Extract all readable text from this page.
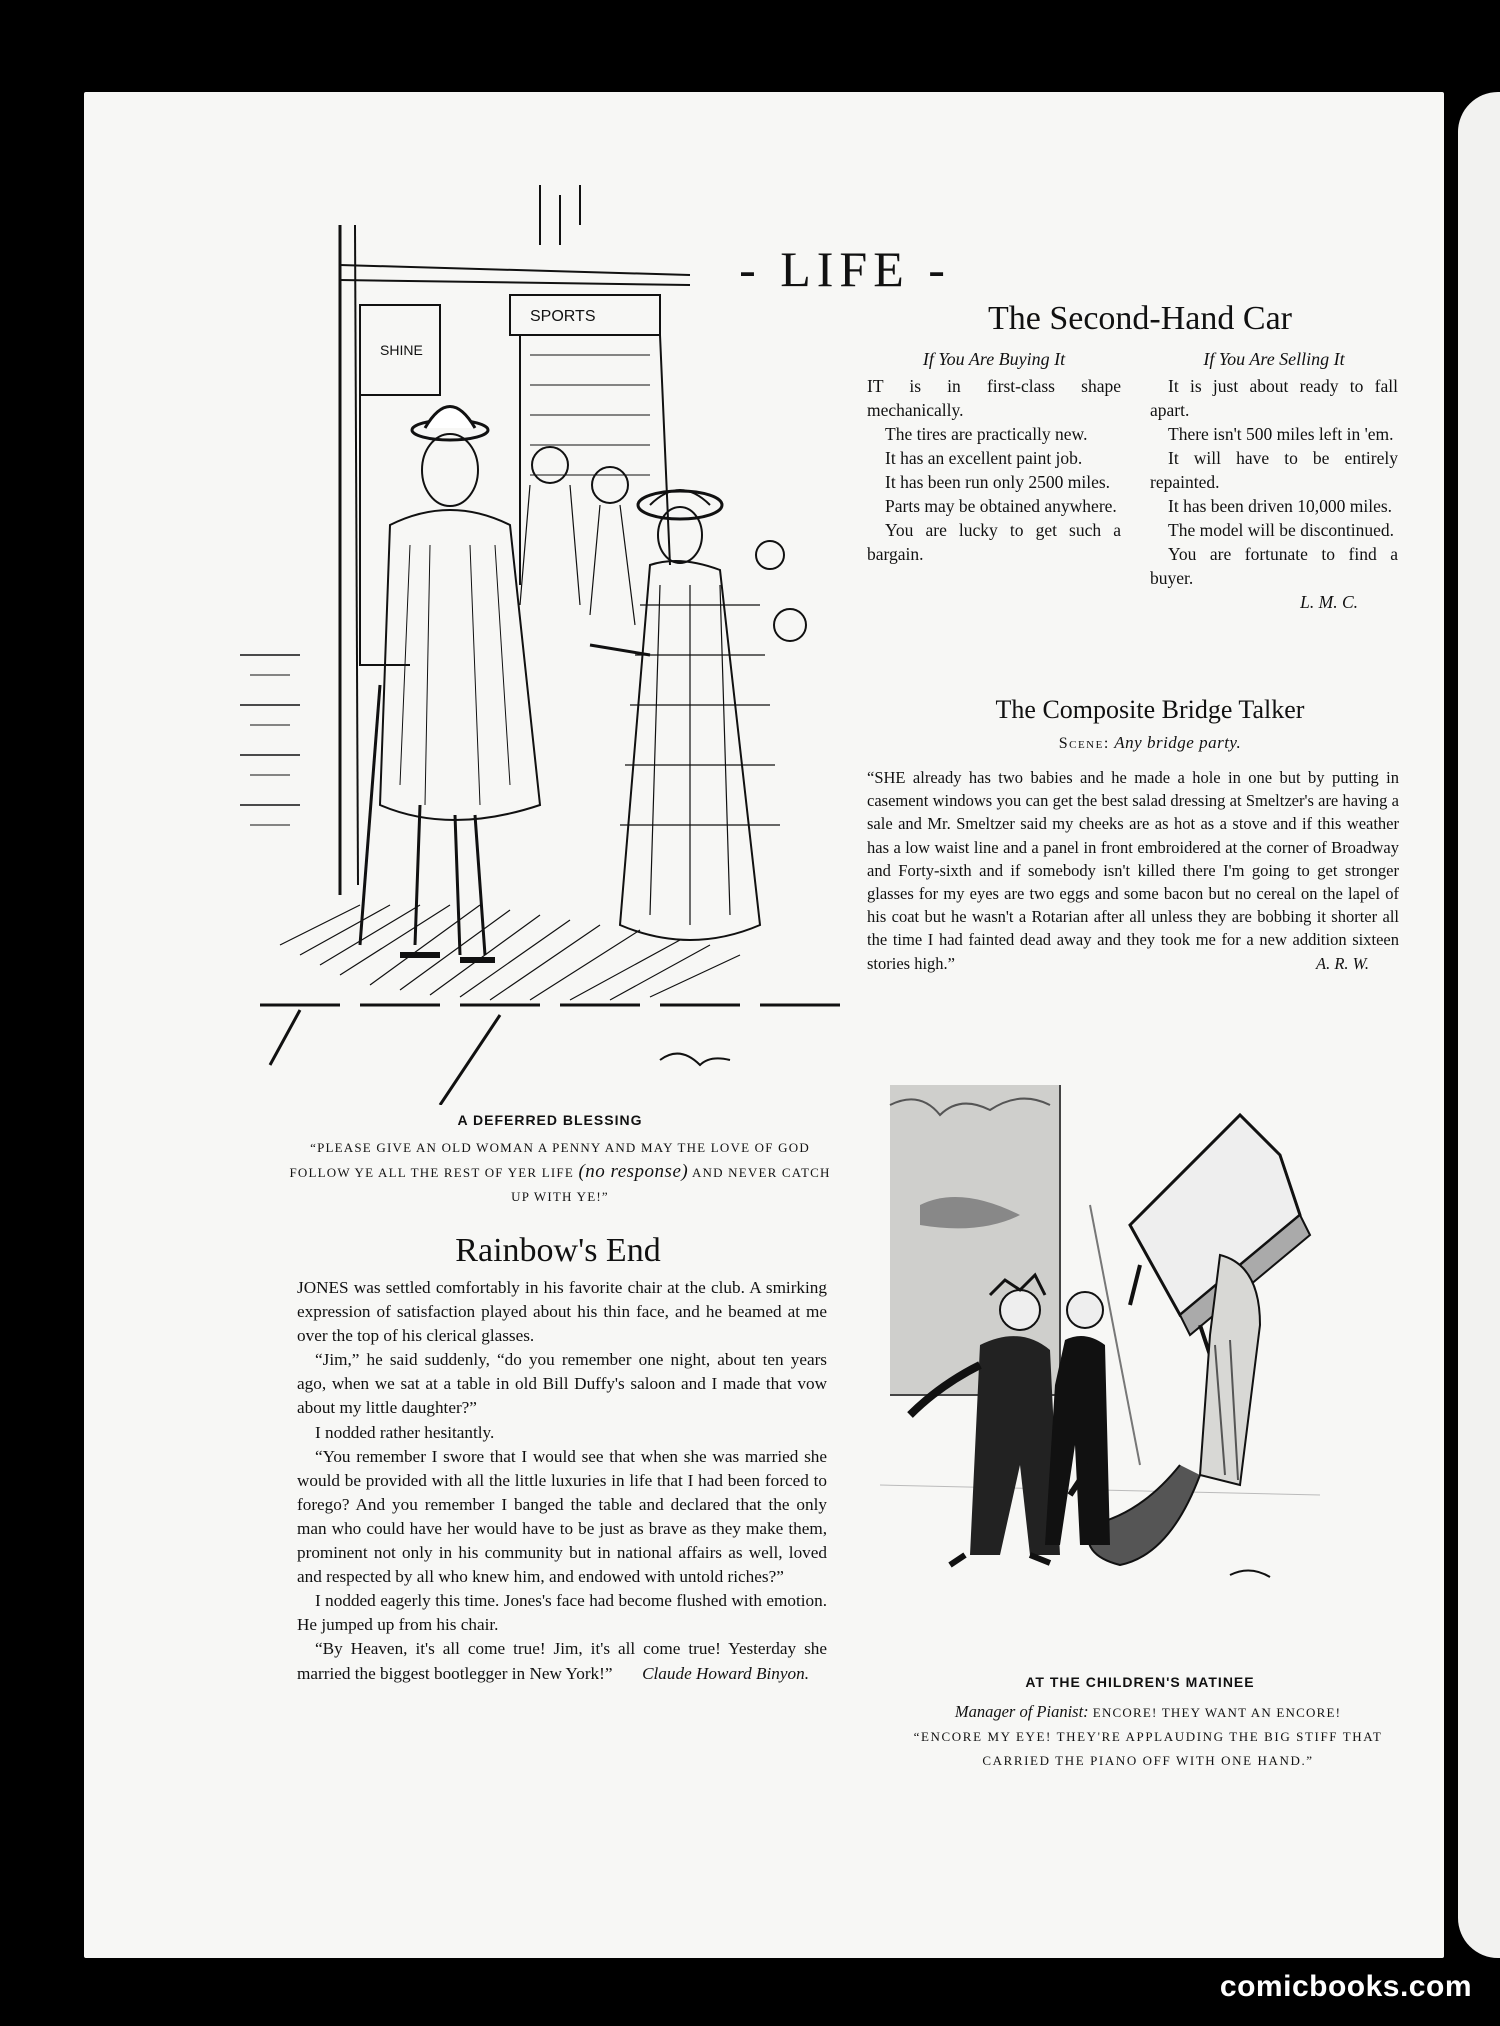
- LIFE -
SHINE
SPORTS
A DEFERRED BLESSING
“PLEASE GIVE AN OLD WOMAN A PENNY AND MAY THE LOVE OF GOD FOLLOW YE ALL THE REST OF YER LIFE (no response) AND NEVER CATCH UP WITH YE!”
The Second-Hand Car
If You Are Buying It

IT is in first-class shape mechanically.

The tires are practically new.

It has an excellent paint job.

It has been run only 2500 miles.

Parts may be obtained anywhere.

You are lucky to get such a bargain.

If You Are Selling It

It is just about ready to fall apart.

There isn't 500 miles left in 'em.

It will have to be entirely repainted.

It has been driven 10,000 miles.

The model will be discontinued.

You are fortunate to find a buyer.

L. M. C.
The Composite Bridge Talker
Scene: Any bridge party.
“SHE already has two babies and he made a hole in one but by putting in casement windows you can get the best salad dressing at Smeltzer's are having a sale and Mr. Smeltzer said my cheeks are as hot as a stove and if this weather has a low waist line and a panel in front embroidered at the corner of Broadway and Forty-sixth and if somebody isn't killed there I'm going to get stronger glasses for my eyes are two eggs and some bacon but no cereal on the lapel of his coat but he wasn't a Rotarian after all unless they are bobbing it shorter all the time I had fainted dead away and they took me for a new addition sixteen stories high.”	A. R. W.
AT THE CHILDREN'S MATINEE
Manager of Pianist: ENCORE! THEY WANT AN ENCORE!
“ENCORE MY EYE! THEY'RE APPLAUDING THE BIG STIFF THAT CARRIED THE PIANO OFF WITH ONE HAND.”
Rainbow's End

JONES was settled comfortably in his favorite chair at the club. A smirking expression of satisfaction played about his thin face, and he beamed at me over the top of his clerical glasses.

“Jim,” he said suddenly, “do you remember one night, about ten years ago, when we sat at a table in old Bill Duffy's saloon and I made that vow about my little daughter?”

I nodded rather hesitantly.

“You remember I swore that I would see that when she was married she would be provided with all the little luxuries in life that I had been forced to forego? And you remember I banged the table and declared that the only man who could have her would have to be just as brave as they make them, prominent not only in his community but in national affairs as well, loved and respected by all who knew him, and endowed with untold riches?”

I nodded eagerly this time. Jones's face had become flushed with emotion. He jumped up from his chair.

“By Heaven, it's all come true! Jim, it's all come true! Yesterday she married the biggest bootlegger in New York!”	Claude Howard Binyon.
comicbooks.com
